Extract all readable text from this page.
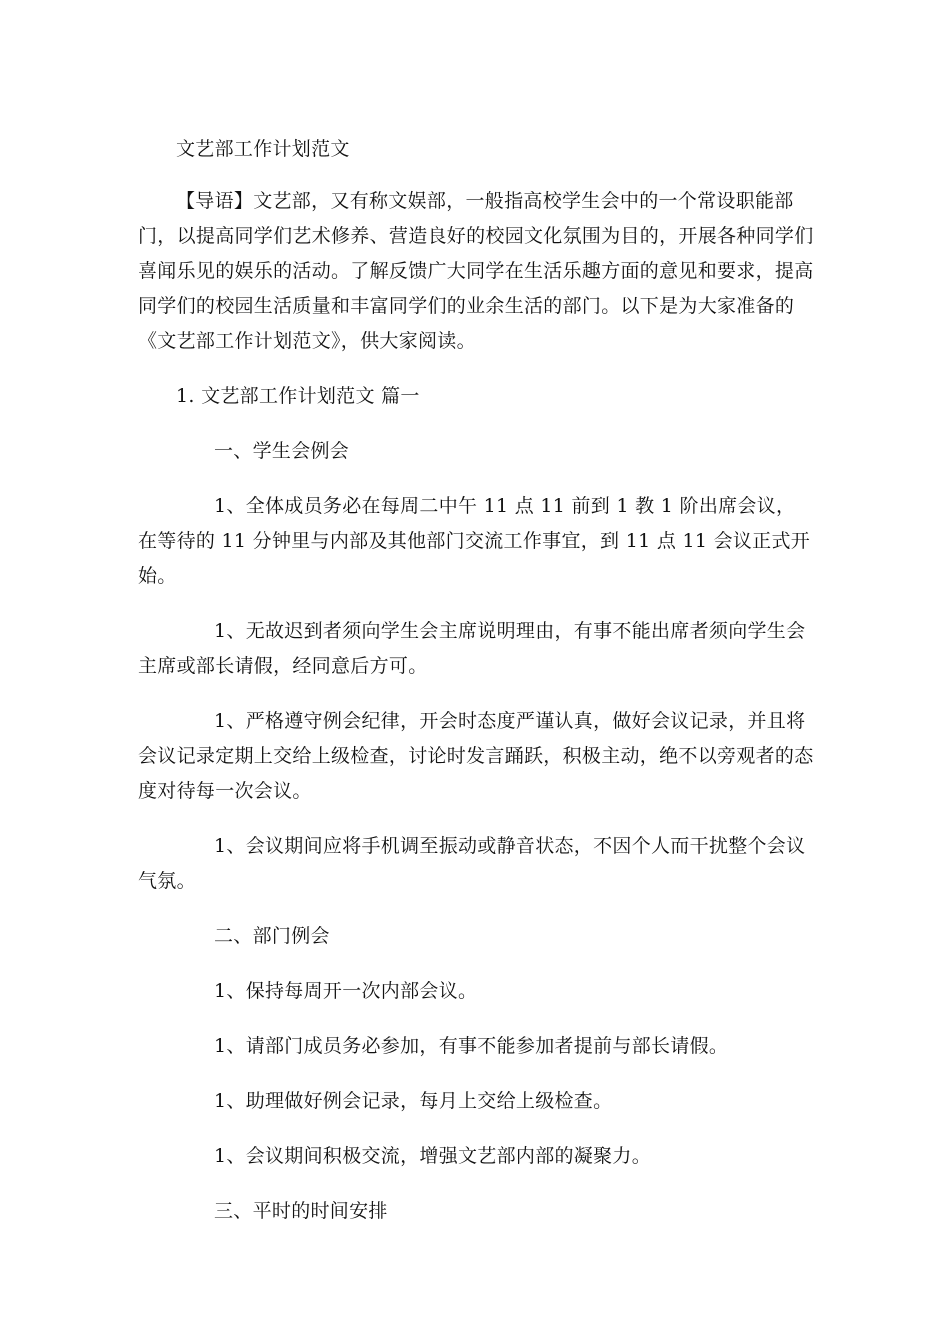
文艺部工作计划范文

【导语】文艺部，又有称文娱部，一般指高校学生会中的一个常设职能部门，以提高同学们艺术修养、营造良好的校园文化氛围为目的，开展各种同学们喜闻乐见的娱乐的活动。了解反馈广大同学在生活乐趣方面的意见和要求，提高同学们的校园生活质量和丰富同学们的业余生活的部门。以下是为大家准备的《文艺部工作计划范文》，供大家阅读。

1. 文艺部工作计划范文 篇一

一、学生会例会

1、全体成员务必在每周二中午 11 点 11 前到 1 教 1 阶出席会议，在等待的 11 分钟里与内部及其他部门交流工作事宜，到 11 点 11 会议正式开始。

1、无故迟到者须向学生会主席说明理由，有事不能出席者须向学生会主席或部长请假，经同意后方可。

1、严格遵守例会纪律，开会时态度严谨认真，做好会议记录，并且将会议记录定期上交给上级检查，讨论时发言踊跃，积极主动，绝不以旁观者的态度对待每一次会议。

1、会议期间应将手机调至振动或静音状态，不因个人而干扰整个会议气氛。

二、部门例会

1、保持每周开一次内部会议。

1、请部门成员务必参加，有事不能参加者提前与部长请假。

1、助理做好例会记录，每月上交给上级检查。

1、会议期间积极交流，增强文艺部内部的凝聚力。

三、平时的时间安排
